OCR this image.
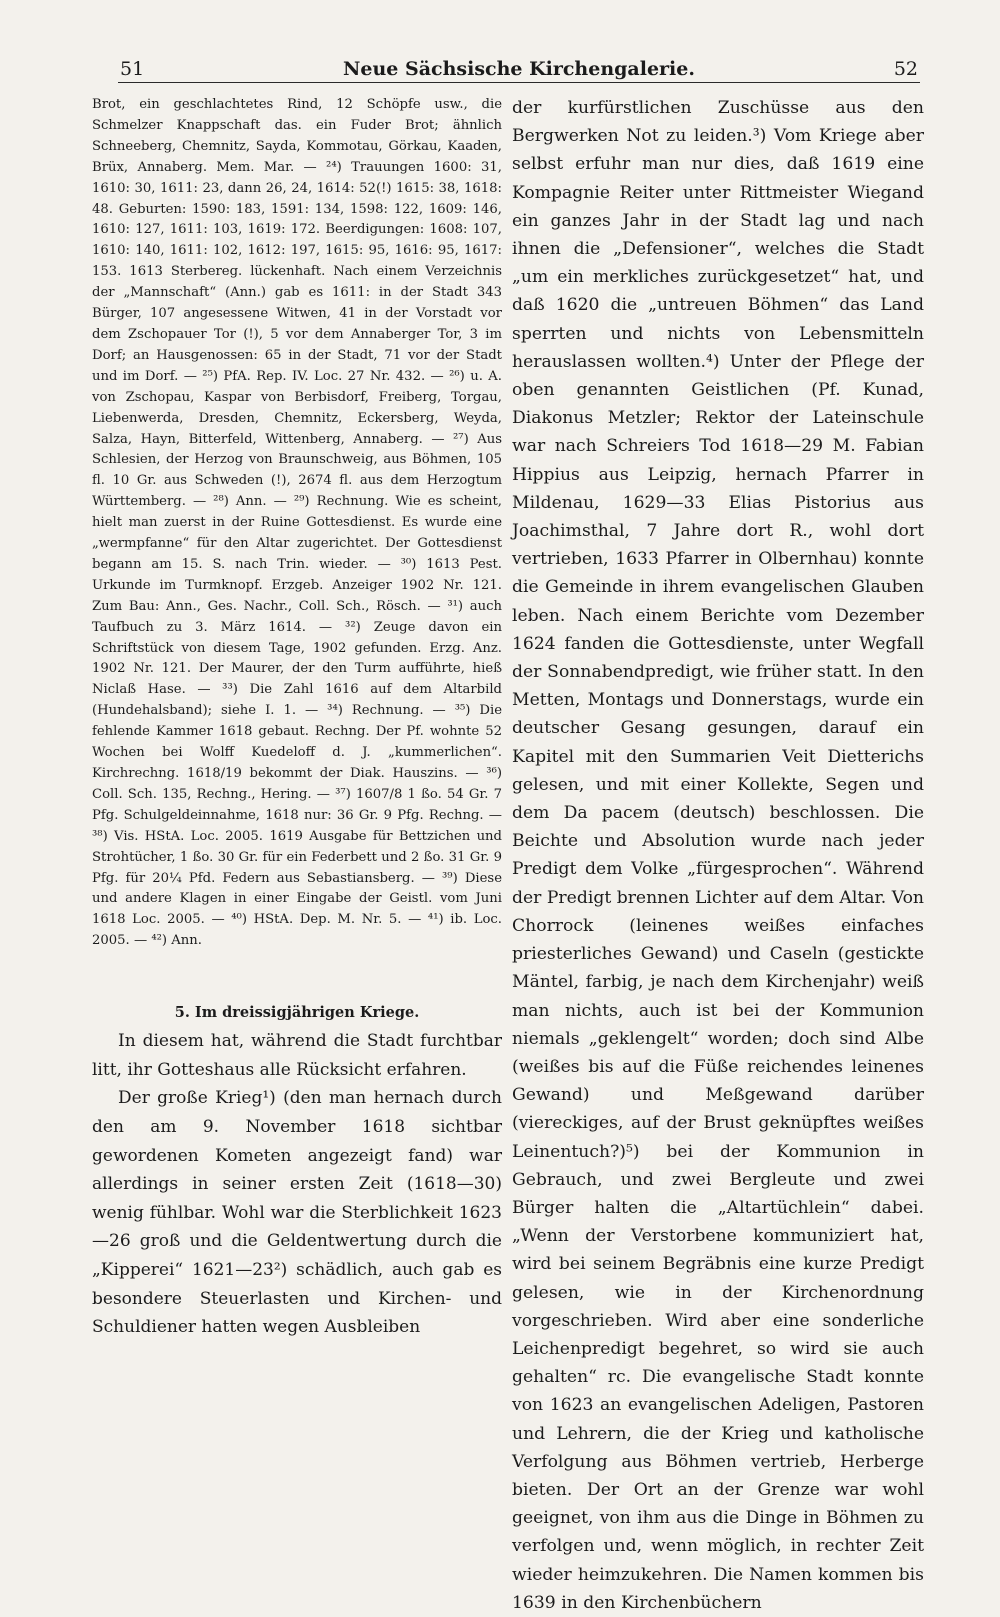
51	Neue Sächsische Kirchengalerie.	52

Brot, ein geschlachtetes Rind, 12 Schöpfe usw., die Schmelzer Knappschaft das. ein Fuder Brot; ähnlich Schneeberg, Chemnitz, Sayda, Kommotau, Görkau, Kaaden, Brüx, Annaberg. Mem. Mar. — ²⁴) Trauungen 1600: 31, 1610: 30, 1611: 23, dann 26, 24, 1614: 52(!) 1615: 38, 1618: 48. Geburten: 1590: 183, 1591: 134, 1598: 122, 1609: 146, 1610: 127, 1611: 103, 1619: 172. Beerdigungen: 1608: 107, 1610: 140, 1611: 102, 1612: 197, 1615: 95, 1616: 95, 1617: 153. 1613 Sterbereg. lückenhaft. Nach einem Verzeichnis der „Mannschaft“ (Ann.) gab es 1611: in der Stadt 343 Bürger, 107 angesessene Witwen, 41 in der Vorstadt vor dem Zschopauer Tor (!), 5 vor dem Annaberger Tor, 3 im Dorf; an Hausgenossen: 65 in der Stadt, 71 vor der Stadt und im Dorf. — ²⁵) PfA. Rep. IV. Loc. 27 Nr. 432. — ²⁶) u. A. von Zschopau, Kaspar von Berbisdorf, Freiberg, Torgau, Liebenwerda, Dresden, Chemnitz, Eckersberg, Weyda, Salza, Hayn, Bitterfeld, Wittenberg, Annaberg. — ²⁷) Aus Schlesien, der Herzog von Braunschweig, aus Böhmen, 105 fl. 10 Gr. aus Schweden (!), 2674 fl. aus dem Herzogtum Württemberg. — ²⁸) Ann. — ²⁹) Rechnung. Wie es scheint, hielt man zuerst in der Ruine Gottesdienst. Es wurde eine „wermpfanne“ für den Altar zugerichtet. Der Gottesdienst begann am 15. S. nach Trin. wieder. — ³⁰) 1613 Pest. Urkunde im Turmknopf. Erzgeb. Anzeiger 1902 Nr. 121. Zum Bau: Ann., Ges. Nachr., Coll. Sch., Rösch. — ³¹) auch Taufbuch zu 3. März 1614. — ³²) Zeuge davon ein Schriftstück von diesem Tage, 1902 gefunden. Erzg. Anz. 1902 Nr. 121. Der Maurer, der den Turm aufführte, hieß Niclaß Hase. — ³³) Die Zahl 1616 auf dem Altarbild (Hundehalsband); siehe I. 1. — ³⁴) Rechnung. — ³⁵) Die fehlende Kammer 1618 gebaut. Rechng. Der Pf. wohnte 52 Wochen bei Wolff Kuedeloff d. J. „kummerlichen“. Kirchrechng. 1618/19 bekommt der Diak. Hauszins. — ³⁶) Coll. Sch. 135, Rechng., Hering. — ³⁷) 1607/8 1 ßo. 54 Gr. 7 Pfg. Schulgeldeinnahme, 1618 nur: 36 Gr. 9 Pfg. Rechng. — ³⁸) Vis. HStA. Loc. 2005. 1619 Ausgabe für Bettzichen und Strohtücher, 1 ßo. 30 Gr. für ein Federbett und 2 ßo. 31 Gr. 9 Pfg. für 20¼ Pfd. Federn aus Sebastiansberg. — ³⁹) Diese und andere Klagen in einer Eingabe der Geistl. vom Juni 1618 Loc. 2005. — ⁴⁰) HStA. Dep. M. Nr. 5. — ⁴¹) ib. Loc. 2005. — ⁴²) Ann.

5. Im dreissigjährigen Kriege.

In diesem hat, während die Stadt furchtbar litt, ihr Gotteshaus alle Rücksicht erfahren.

Der große Krieg¹) (den man hernach durch den am 9. November 1618 sichtbar gewordenen Kometen angezeigt fand) war allerdings in seiner ersten Zeit (1618—30) wenig fühlbar. Wohl war die Sterblichkeit 1623—26 groß und die Geldentwertung durch die „Kipperei“ 1621—23²) schädlich, auch gab es besondere Steuerlasten und Kirchen- und Schuldiener hatten wegen Ausbleiben

der kurfürstlichen Zuschüsse aus den Bergwerken Not zu leiden.³) Vom Kriege aber selbst erfuhr man nur dies, daß 1619 eine Kompagnie Reiter unter Rittmeister Wiegand ein ganzes Jahr in der Stadt lag und nach ihnen die „Defensioner“, welches die Stadt „um ein merkliches zurückgesetzet“ hat, und daß 1620 die „untreuen Böhmen“ das Land sperrten und nichts von Lebensmitteln herauslassen wollten.⁴) Unter der Pflege der oben genannten Geistlichen (Pf. Kunad, Diakonus Metzler; Rektor der Lateinschule war nach Schreiers Tod 1618—29 M. Fabian Hippius aus Leipzig, hernach Pfarrer in Mildenau, 1629—33 Elias Pistorius aus Joachimsthal, 7 Jahre dort R., wohl dort vertrieben, 1633 Pfarrer in Olbernhau) konnte die Gemeinde in ihrem evangelischen Glauben leben. Nach einem Berichte vom Dezember 1624 fanden die Gottesdienste, unter Wegfall der Sonnabendpredigt, wie früher statt. In den Metten, Montags und Donnerstags, wurde ein deutscher Gesang gesungen, darauf ein Kapitel mit den Summarien Veit Dietterichs gelesen, und mit einer Kollekte, Segen und dem Da pacem (deutsch) beschlossen. Die Beichte und Absolution wurde nach jeder Predigt dem Volke „fürgesprochen“. Während der Predigt brennen Lichter auf dem Altar. Von Chorrock (leinenes weißes einfaches priesterliches Gewand) und Caseln (gestickte Mäntel, farbig, je nach dem Kirchenjahr) weiß man nichts, auch ist bei der Kommunion niemals „geklengelt“ worden; doch sind Albe (weißes bis auf die Füße reichendes leinenes Gewand) und Meßgewand darüber (viereckiges, auf der Brust geknüpftes weißes Leinentuch?)⁵) bei der Kommunion in Gebrauch, und zwei Bergleute und zwei Bürger halten die „Altartüchlein“ dabei. „Wenn der Verstorbene kommuniziert hat, wird bei seinem Begräbnis eine kurze Predigt gelesen, wie in der Kirchenordnung vorgeschrieben. Wird aber eine sonderliche Leichenpredigt begehret, so wird sie auch gehalten“ rc. Die evangelische Stadt konnte von 1623 an evangelischen Adeligen, Pastoren und Lehrern, die der Krieg und katholische Verfolgung aus Böhmen vertrieb, Herberge bieten. Der Ort an der Grenze war wohl geeignet, von ihm aus die Dinge in Böhmen zu verfolgen und, wenn möglich, in rechter Zeit wieder heimzukehren. Die Namen kommen bis 1639 in den Kirchenbüchern
